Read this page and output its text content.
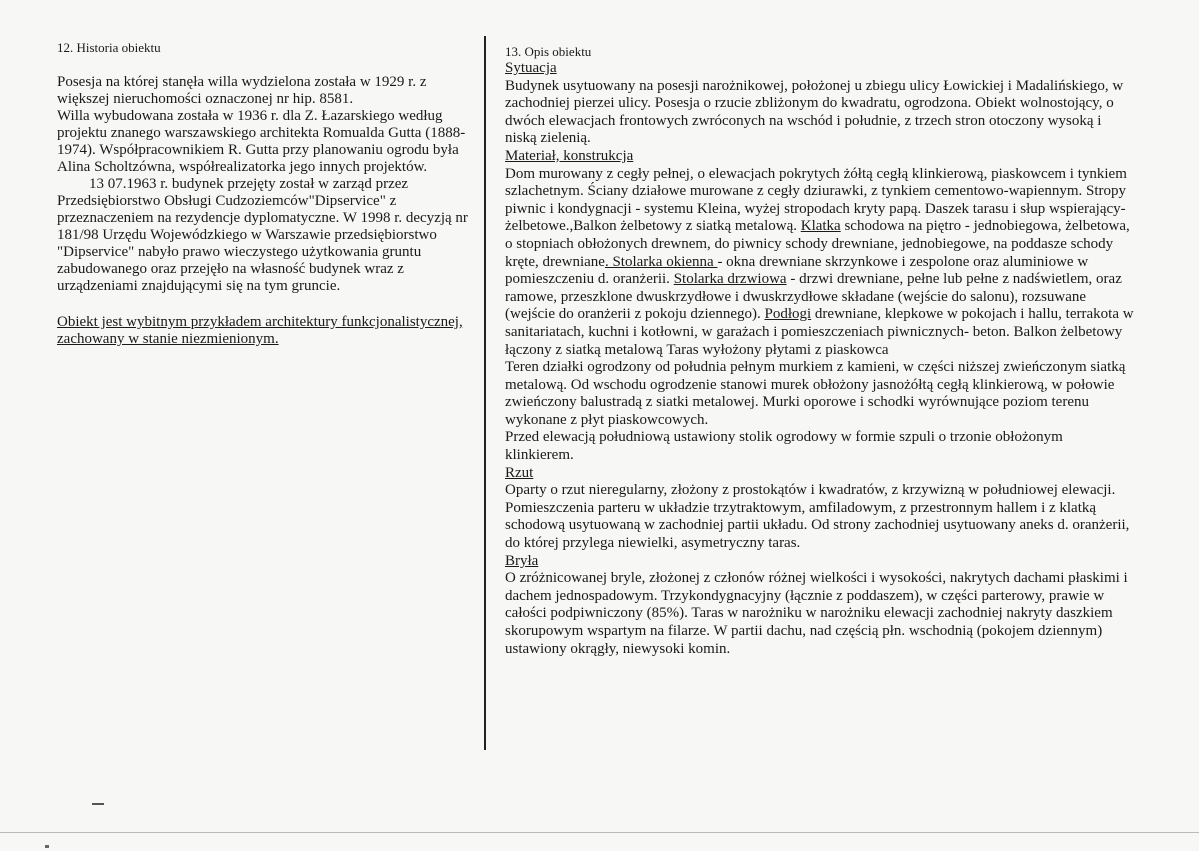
12. Historia obiektu

Posesja na której stanęła willa wydzielona została w 1929 r. z większej nieruchomości oznaczonej nr hip. 8581.

Willa wybudowana została w 1936 r. dla Z. Łazarskiego według projektu znanego warszawskiego architekta Romualda Gutta (1888-1974). Współpracownikiem R. Gutta przy planowaniu ogrodu była Alina Scholtzówna, współrealizatorka jego innych projektów.

13 07.1963 r. budynek przejęty został w zarząd przez Przedsiębiorstwo Obsługi Cudzoziemców"Dipservice" z przeznaczeniem na rezydencje dyplomatyczne. W 1998 r. decyzją nr 181/98 Urzędu Wojewódzkiego w Warszawie przedsiębiorstwo "Dipservice" nabyło prawo wieczystego użytkowania gruntu zabudowanego oraz przejęło na własność budynek wraz z urządzeniami znajdującymi się na tym gruncie.

Obiekt jest wybitnym przykładem architektury funkcjonalistycznej, zachowany w stanie niezmienionym.

13. Opis obiektu
Sytuacja

Budynek usytuowany na posesji narożnikowej, położonej u zbiegu ulicy Łowickiej i Madalińskiego, w zachodniej pierzei ulicy. Posesja o rzucie zbliżonym do kwadratu, ogrodzona. Obiekt wolnostojący, o dwóch elewacjach frontowych zwróconych na wschód i południe, z trzech stron otoczony wysoką i niską zielenią.

Materiał, konstrukcja

Dom murowany z cegły pełnej, o elewacjach pokrytych żółtą cegłą klinkierową, piaskowcem i tynkiem szlachetnym. Ściany działowe murowane z cegły dziurawki, z tynkiem cementowo-wapiennym. Stropy piwnic i kondygnacji - systemu Kleina, wyżej stropodach kryty papą. Daszek tarasu i słup wspierający- żelbetowe.,Balkon żelbetowy z siatką metalową. Klatka schodowa na piętro - jednobiegowa, żelbetowa, o stopniach obłożonych drewnem, do piwnicy schody drewniane, jednobiegowe, na poddasze schody kręte, drewniane. Stolarka okienna - okna drewniane skrzynkowe i zespolone oraz aluminiowe w pomieszczeniu d. oranżerii. Stolarka drzwiowa - drzwi drewniane, pełne lub pełne z nadświetlem, oraz ramowe, przeszklone dwuskrzydłowe i dwuskrzydłowe składane (wejście do salonu), rozsuwane (wejście do oranżerii z pokoju dziennego). Podłogi drewniane, klepkowe w pokojach i hallu, terrakota w sanitariatach, kuchni i kotłowni, w garażach i pomieszczeniach piwnicznych- beton. Balkon żelbetowy łączony z siatką metalową Taras wyłożony płytami z piaskowca

Teren działki ogrodzony od południa pełnym murkiem z kamieni, w części niższej zwieńczonym siatką metalową. Od wschodu ogrodzenie stanowi murek obłożony jasnożółtą cegłą klinkierową, w połowie zwieńczony balustradą z siatki metalowej. Murki oporowe i schodki wyrównujące poziom terenu wykonane z płyt piaskowcowych.

Przed elewacją południową ustawiony stolik ogrodowy w formie szpuli o trzonie obłożonym klinkierem.

Rzut

Oparty o rzut nieregularny, złożony z prostokątów i kwadratów, z krzywizną w południowej elewacji. Pomieszczenia parteru w układzie trzytraktowym, amfiladowym, z przestronnym hallem i z klatką schodową usytuowaną w zachodniej partii układu. Od strony zachodniej usytuowany aneks d. oranżerii, do której przylega niewielki, asymetryczny taras.

Bryła

O zróżnicowanej bryle, złożonej z członów różnej wielkości i wysokości, nakrytych dachami płaskimi i dachem jednospadowym. Trzykondygnacyjny (łącznie z poddaszem), w części parterowy, prawie w całości podpiwniczony (85%). Taras w narożniku w narożniku elewacji zachodniej nakryty daszkiem skorupowym wspartym na filarze. W partii dachu, nad częścią płn. wschodnią (pokojem dziennym) ustawiony okrągły, niewysoki komin.
